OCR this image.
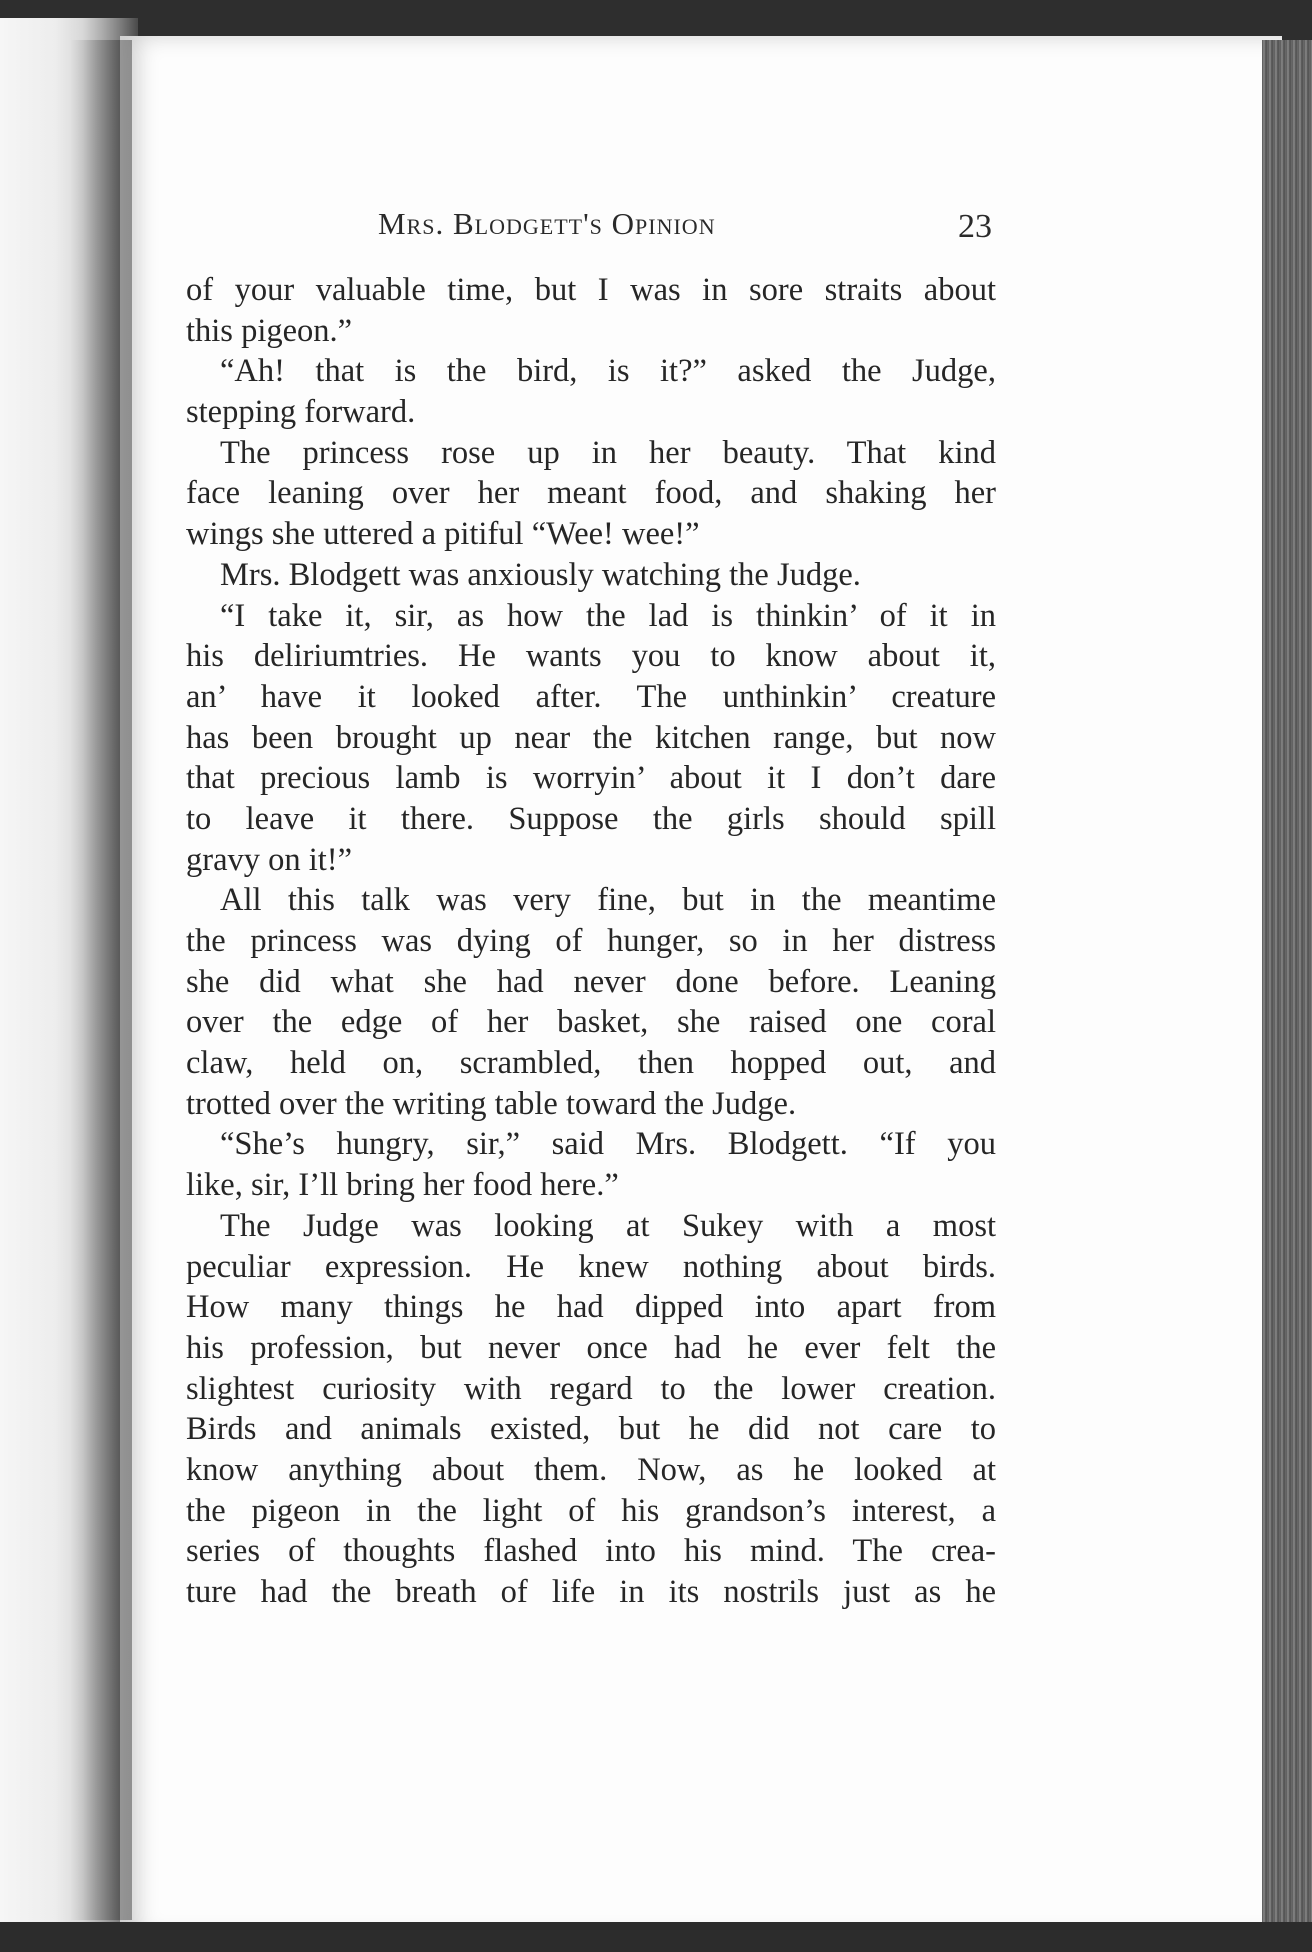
Mrs. Blodgett's Opinion	23
of your valuable time, but I was in sore straits about
this pigeon.”
“Ah! that is the bird, is it?” asked the Judge,
stepping forward.
The princess rose up in her beauty. That kind
face leaning over her meant food, and shaking her
wings she uttered a pitiful “Wee! wee!”
Mrs. Blodgett was anxiously watching the Judge.
“I take it, sir, as how the lad is thinkin’ of it in
his deliriumtries. He wants you to know about it,
an’ have it looked after. The unthinkin’ creature
has been brought up near the kitchen range, but now
that precious lamb is worryin’ about it I don’t dare
to leave it there. Suppose the girls should spill
gravy on it!”
All this talk was very fine, but in the meantime
the princess was dying of hunger, so in her distress
she did what she had never done before. Leaning
over the edge of her basket, she raised one coral
claw, held on, scrambled, then hopped out, and
trotted over the writing table toward the Judge.
“She’s hungry, sir,” said Mrs. Blodgett. “If you
like, sir, I’ll bring her food here.”
The Judge was looking at Sukey with a most
peculiar expression. He knew nothing about birds.
How many things he had dipped into apart from
his profession, but never once had he ever felt the
slightest curiosity with regard to the lower creation.
Birds and animals existed, but he did not care to
know anything about them. Now, as he looked at
the pigeon in the light of his grandson’s interest, a
series of thoughts flashed into his mind. The crea-
ture had the breath of life in its nostrils just as he
